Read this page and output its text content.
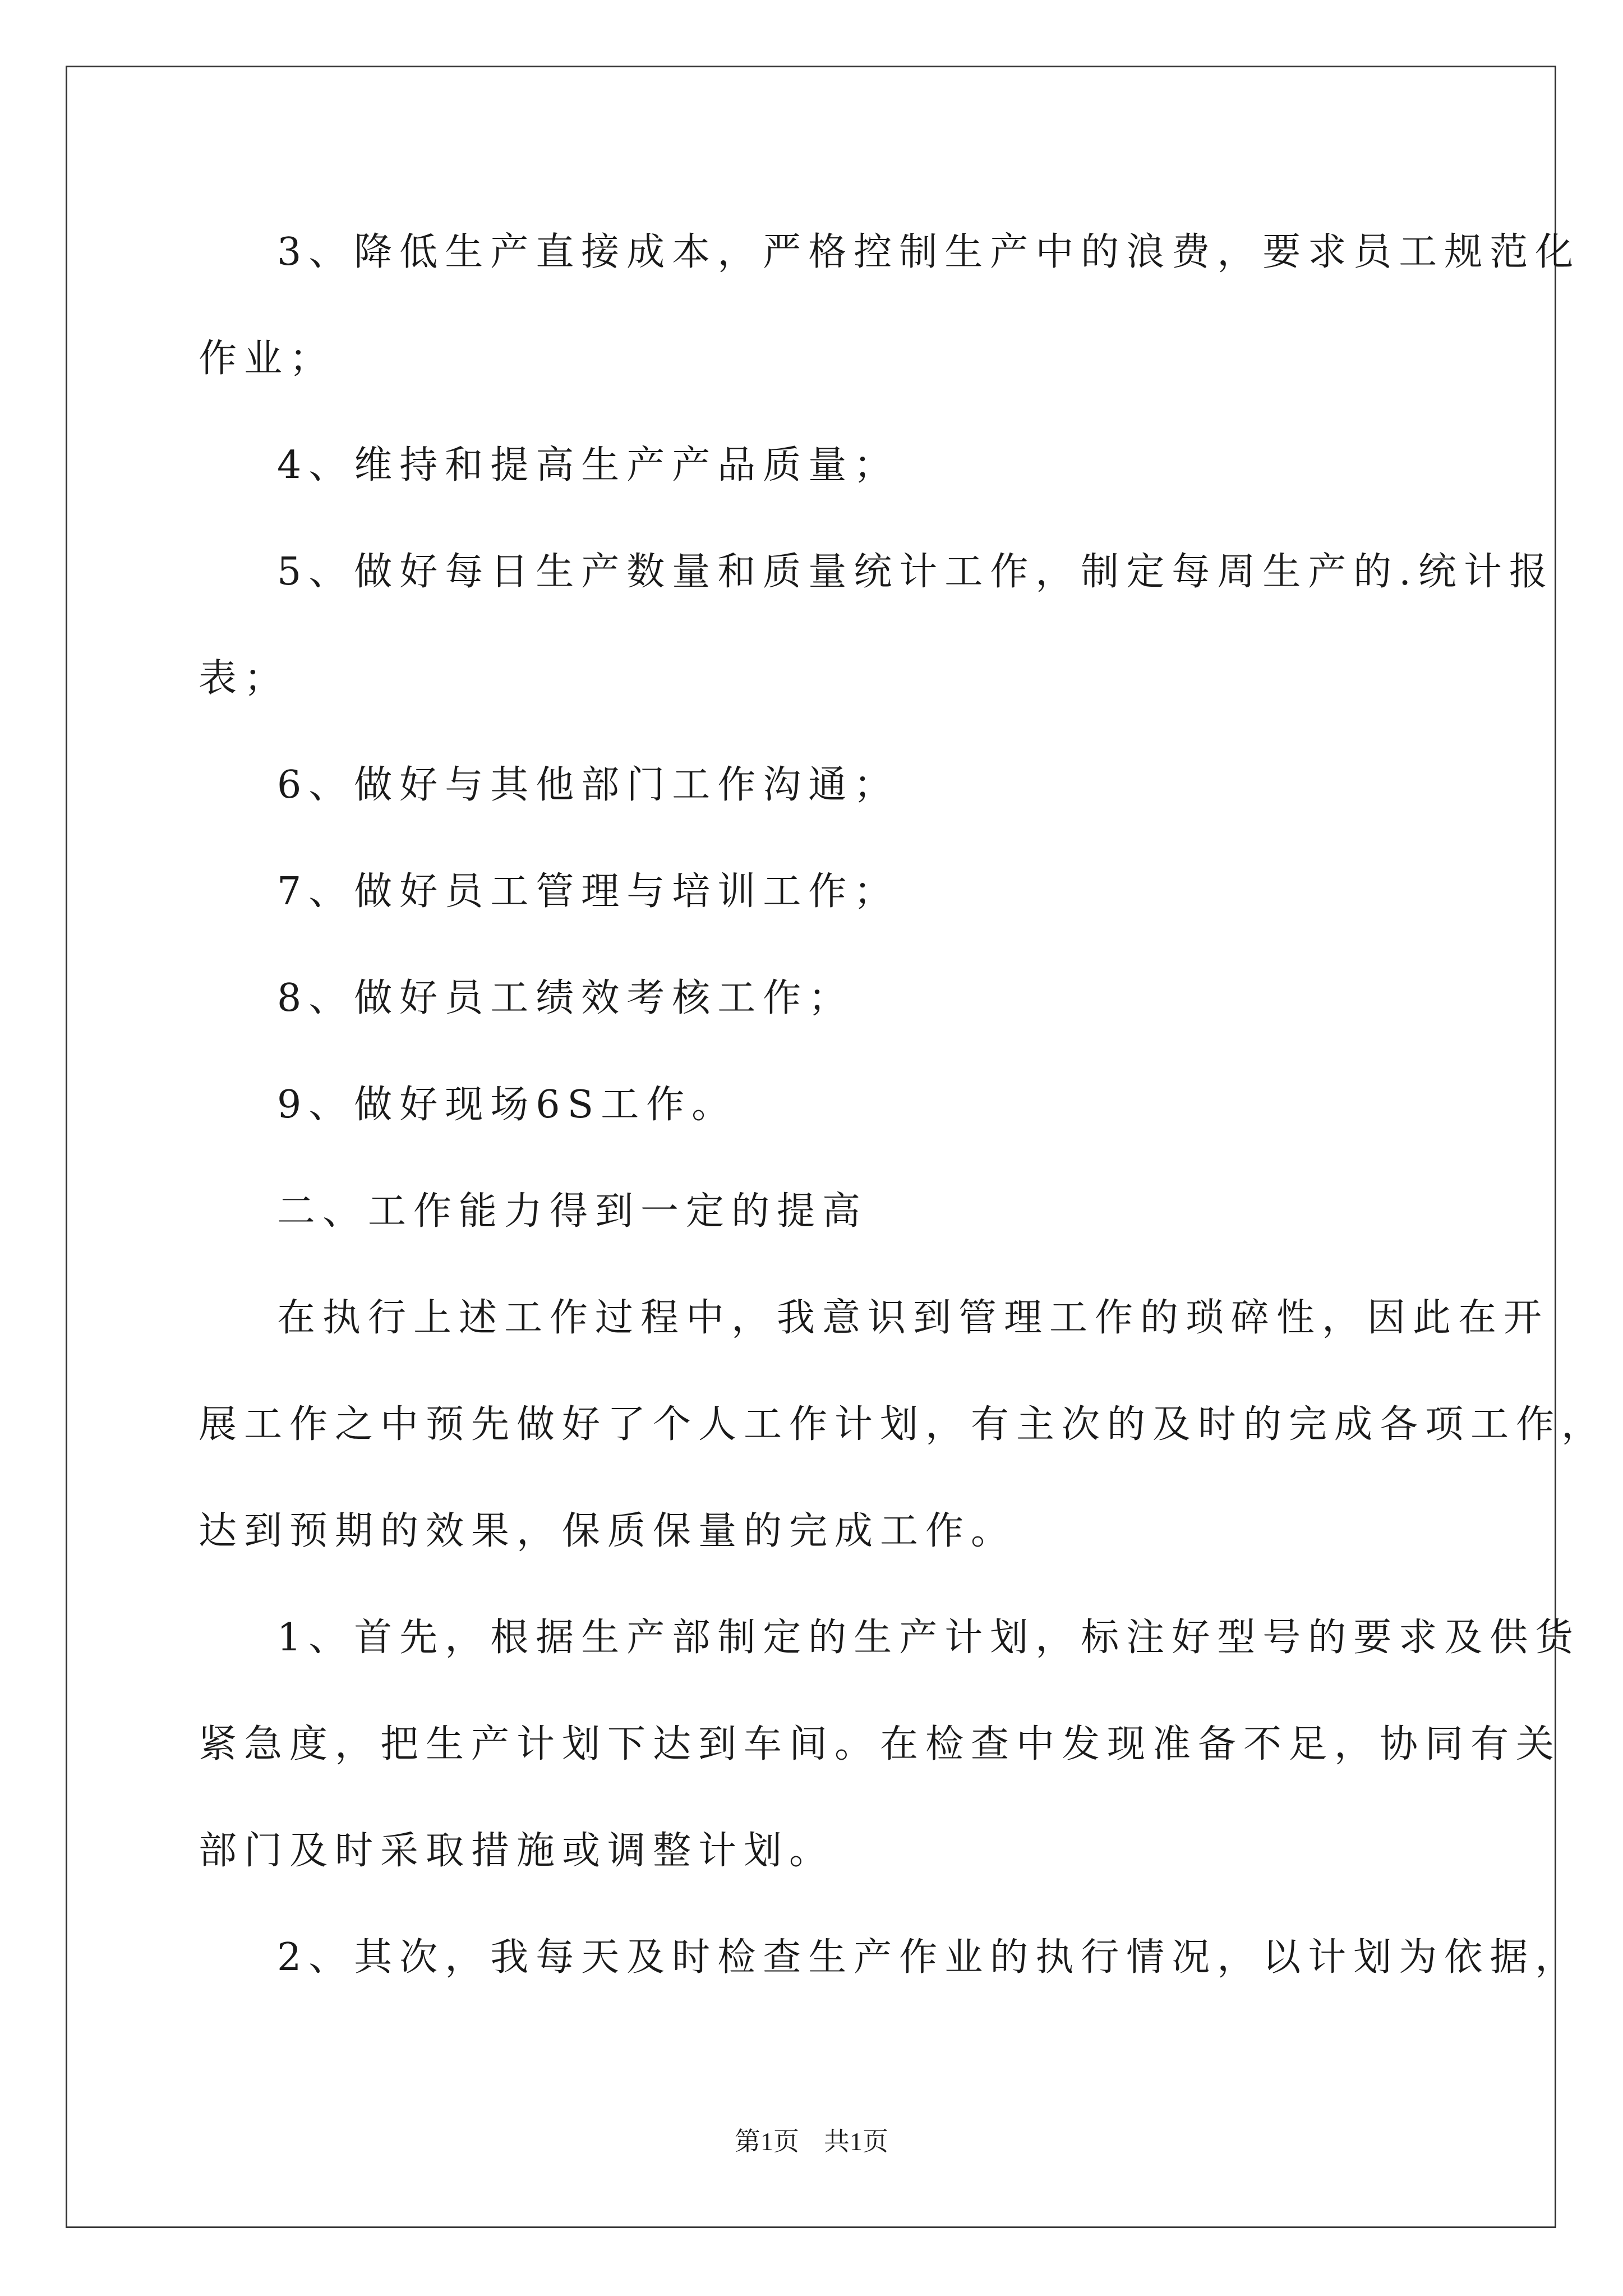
3、降低生产直接成本，严格控制生产中的浪费，要求员工规范化
作业；
4、维持和提高生产产品质量；
5、做好每日生产数量和质量统计工作，制定每周生产的.统计报
表；
6、做好与其他部门工作沟通；
7、做好员工管理与培训工作；
8、做好员工绩效考核工作；
9、做好现场6S工作。
二、工作能力得到一定的提高
在执行上述工作过程中，我意识到管理工作的琐碎性，因此在开
展工作之中预先做好了个人工作计划，有主次的及时的完成各项工作，
达到预期的效果，保质保量的完成工作。
1、首先，根据生产部制定的生产计划，标注好型号的要求及供货
紧急度，把生产计划下达到车间。在检查中发现准备不足，协同有关
部门及时采取措施或调整计划。
2、其次，我每天及时检查生产作业的执行情况，以计划为依据，
第1页 共1页
